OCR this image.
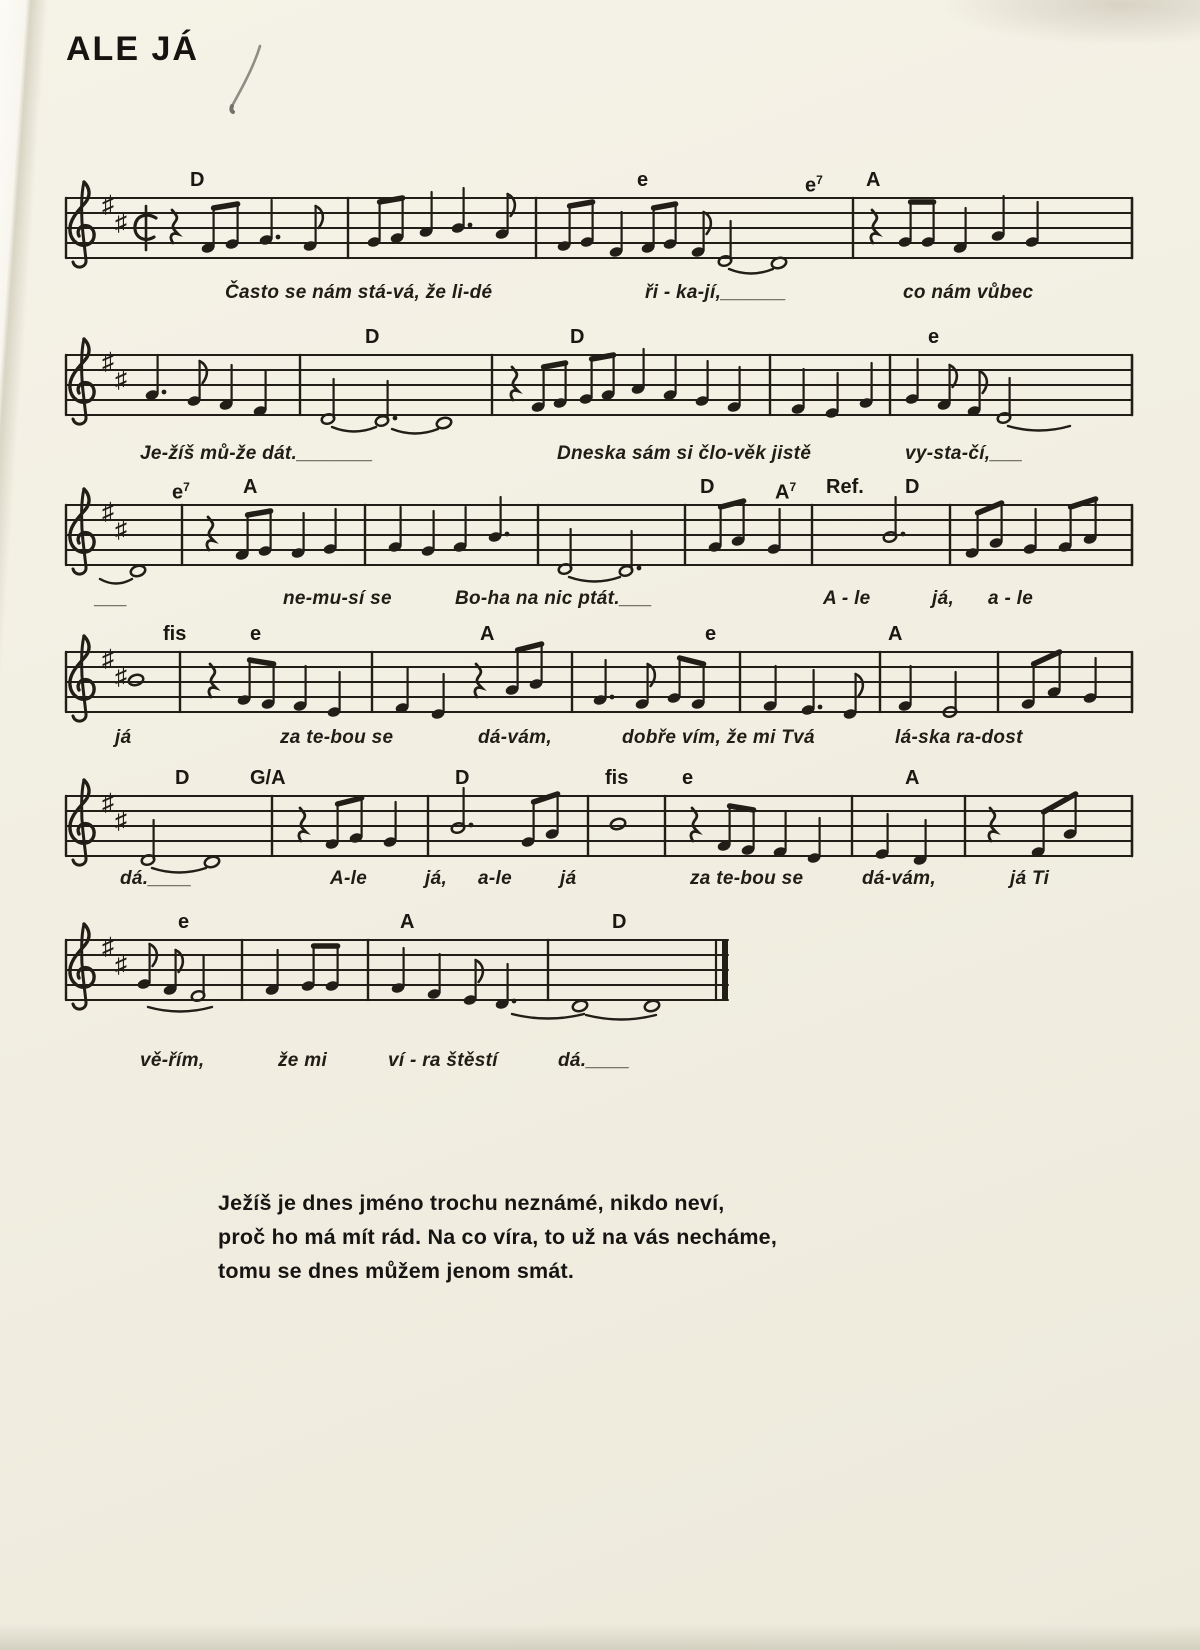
ALE JÁ
D	e	$e^7$ A
♯
♯
Často se nám stá-vá, že li-dé	ři - ka-jí,______	co nám vůbec
D	D	e
♯
♯
Je-žíš mů-že dát._______	Dneska sám si člo-věk jistě	vy-sta-čí,___
$e^7$	A	D	$A^7$ Ref. D
♯
♯
___	ne-mu-sí se	Bo-ha na nic ptát.___	A - le	já, a - le
fis	e	A	e	A
♯
♯
já	za te-bou se	dá-vám,	dobře vím, že mi Tvá	lá-ska ra-dost
D	G/A	D	fis	e	A
♯
♯
dá.____	A-le	já, a-le	já	za te-bou se	dá-vám,	já Ti
e	A	D
♯
♯
vě-řím,	že mi	ví - ra štěstí	dá.____
Ježíš je dnes jméno trochu neznámé, nikdo neví,
proč ho má mít rád. Na co víra, to už na vás necháme,
tomu se dnes můžem jenom smát.
